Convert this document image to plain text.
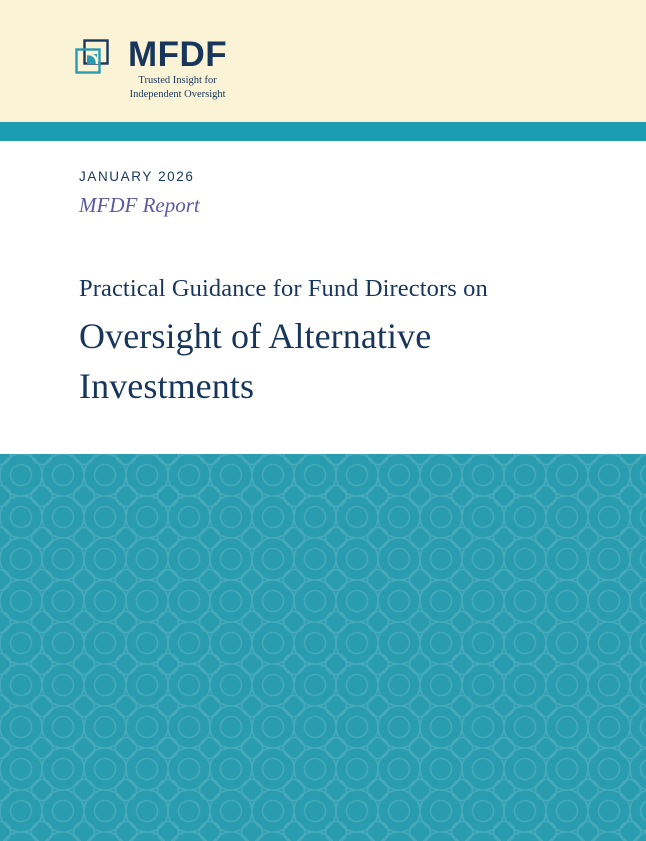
MFDF
Trusted Insight for
Independent Oversight
JANUARY 2026
MFDF Report
Practical Guidance for Fund Directors on
Oversight of Alternative
Investments
